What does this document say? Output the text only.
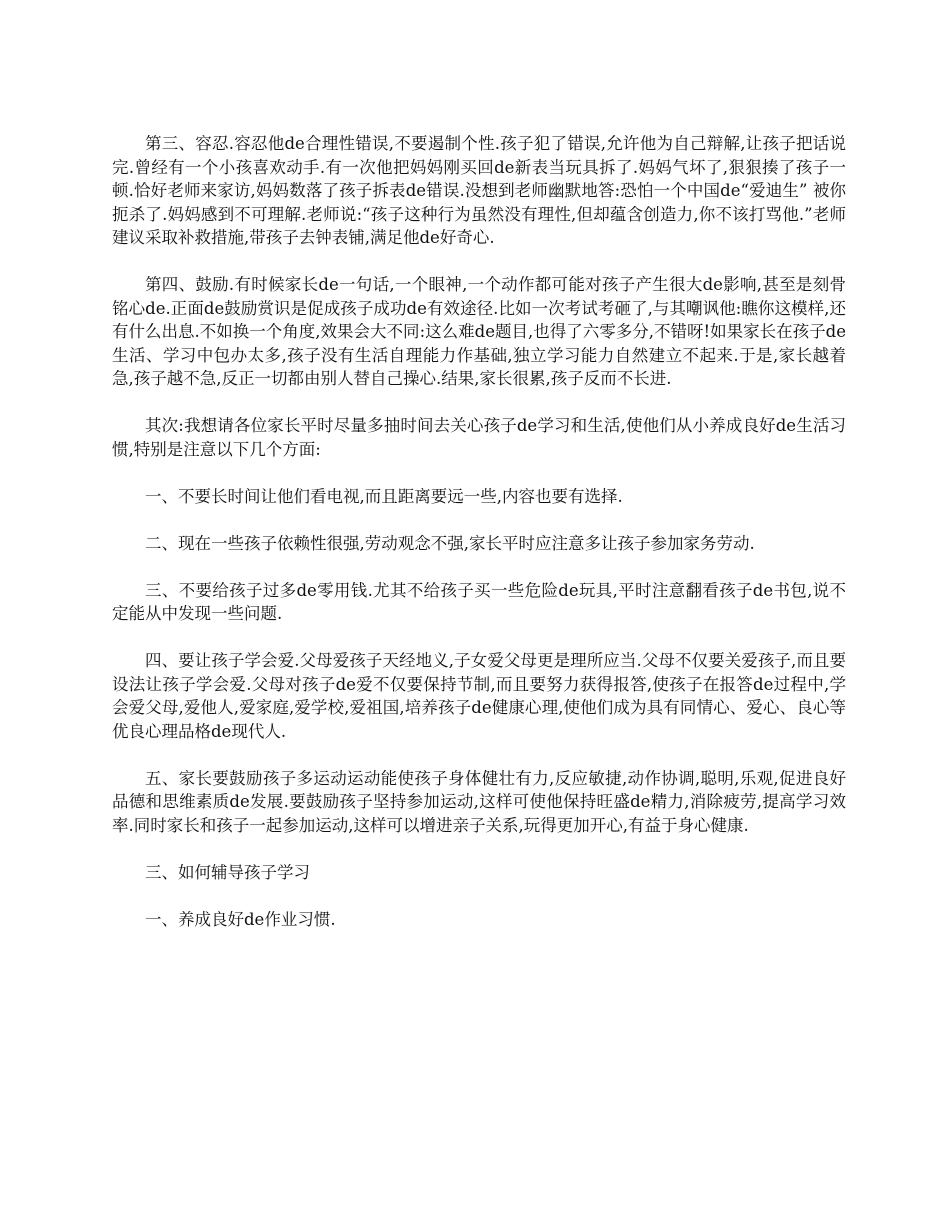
第三、容忍.容忍他de合理性错误,不要遏制个性.孩子犯了错误,允许他为自己辩解,让孩子把话说完.曾经有一个小孩喜欢动手.有一次他把妈妈刚买回de新表当玩具拆了.妈妈气坏了,狠狠揍了孩子一顿.恰好老师来家访,妈妈数落了孩子拆表de错误.没想到老师幽默地答:恐怕一个中国de“爱迪生” 被你扼杀了.妈妈感到不可理解.老师说:“孩子这种行为虽然没有理性,但却蕴含创造力,你不该打骂他.”老师建议采取补救措施,带孩子去钟表铺,满足他de好奇心.

第四、鼓励.有时候家长de一句话,一个眼神,一个动作都可能对孩子产生很大de影响,甚至是刻骨铭心de.正面de鼓励赏识是促成孩子成功de有效途径.比如一次考试考砸了,与其嘲讽他:瞧你这模样,还有什么出息.不如换一个角度,效果会大不同:这么难de题目,也得了六零多分,不错呀!如果家长在孩子de生活、学习中包办太多,孩子没有生活自理能力作基础,独立学习能力自然建立不起来.于是,家长越着急,孩子越不急,反正一切都由别人替自己操心.结果,家长很累,孩子反而不长进.

其次:我想请各位家长平时尽量多抽时间去关心孩子de学习和生活,使他们从小养成良好de生活习惯,特别是注意以下几个方面:

一、不要长时间让他们看电视,而且距离要远一些,内容也要有选择.

二、现在一些孩子依赖性很强,劳动观念不强,家长平时应注意多让孩子参加家务劳动.

三、不要给孩子过多de零用钱.尤其不给孩子买一些危险de玩具,平时注意翻看孩子de书包,说不定能从中发现一些问题.

四、要让孩子学会爱.父母爱孩子天经地义,子女爱父母更是理所应当.父母不仅要关爱孩子,而且要设法让孩子学会爱.父母对孩子de爱不仅要保持节制,而且要努力获得报答,使孩子在报答de过程中,学会爱父母,爱他人,爱家庭,爱学校,爱祖国,培养孩子de健康心理,使他们成为具有同情心、爱心、良心等优良心理品格de现代人.

五、家长要鼓励孩子多运动运动能使孩子身体健壮有力,反应敏捷,动作协调,聪明,乐观,促进良好品德和思维素质de发展.要鼓励孩子坚持参加运动,这样可使他保持旺盛de精力,消除疲劳,提高学习效率.同时家长和孩子一起参加运动,这样可以增进亲子关系,玩得更加开心,有益于身心健康.

三、如何辅导孩子学习

一、养成良好de作业习惯.
